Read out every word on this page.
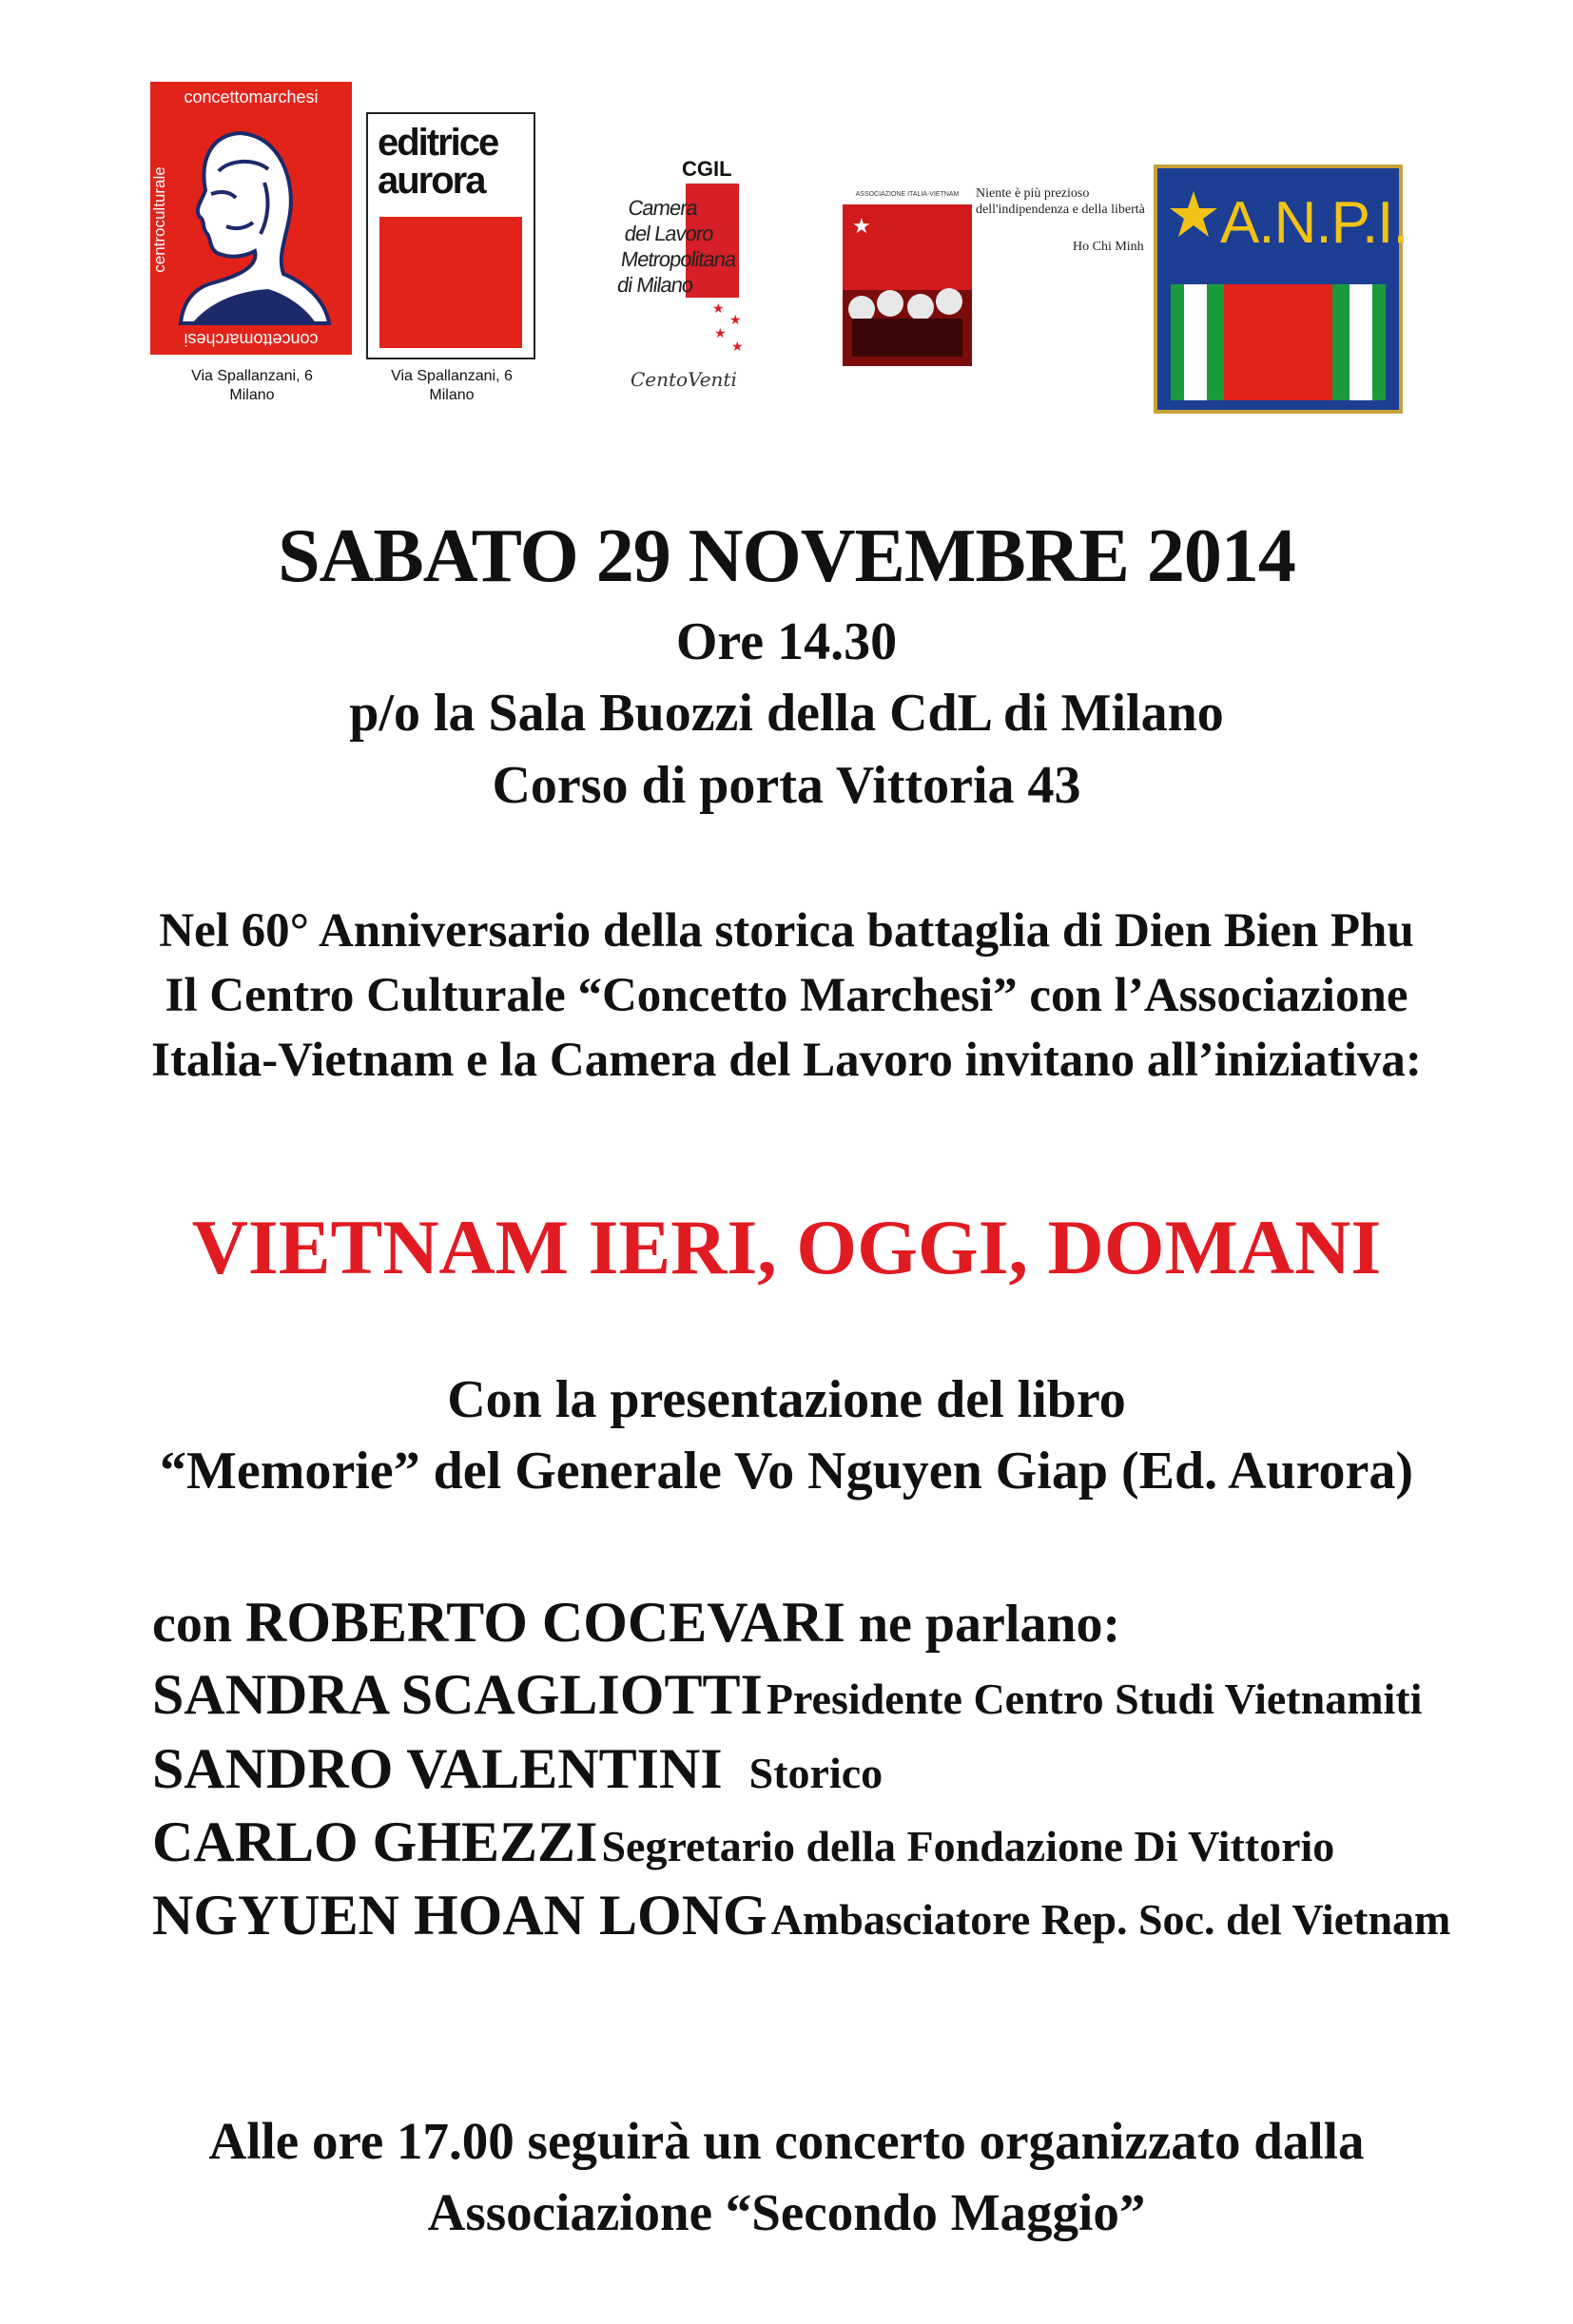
concettomarchesi
centroculturale	centroculturale
concettomarchesi
Via Spallanzani, 6
Milano
editrice
aurora
Via Spallanzani, 6
Milano
CGIL
Camera
del Lavoro
Metropolitana
di Milano
★
★
★
★
CentoVenti
ASSOCIAZIONE ITALIA-VIETNAM
★
Niente è più prezioso dell'indipendenza e della libertà
Ho Chi Minh A.N.P.I.
SABATO 29 NOVEMBRE 2014
Ore 14.30
p/o la Sala Buozzi della CdL di Milano
Corso di porta Vittoria 43
Nel 60° Anniversario della storica battaglia di Dien Bien Phu
Il Centro Culturale “Concetto Marchesi” con l’Associazione
Italia-Vietnam e la Camera del Lavoro invitano all’iniziativa:
VIETNAM IERI, OGGI, DOMANI
Con la presentazione del libro
“Memorie” del Generale Vo Nguyen Giap (Ed. Aurora)
con ROBERTO COCEVARI ne parlano:
SANDRA SCAGLIOTTI Presidente Centro Studi Vietnamiti
SANDRO VALENTINI Storico
CARLO GHEZZI Segretario della Fondazione Di Vittorio
NGYUEN HOAN LONG Ambasciatore Rep. Soc. del Vietnam
Alle ore 17.00 seguirà un concerto organizzato dalla
Associazione “Secondo Maggio”
